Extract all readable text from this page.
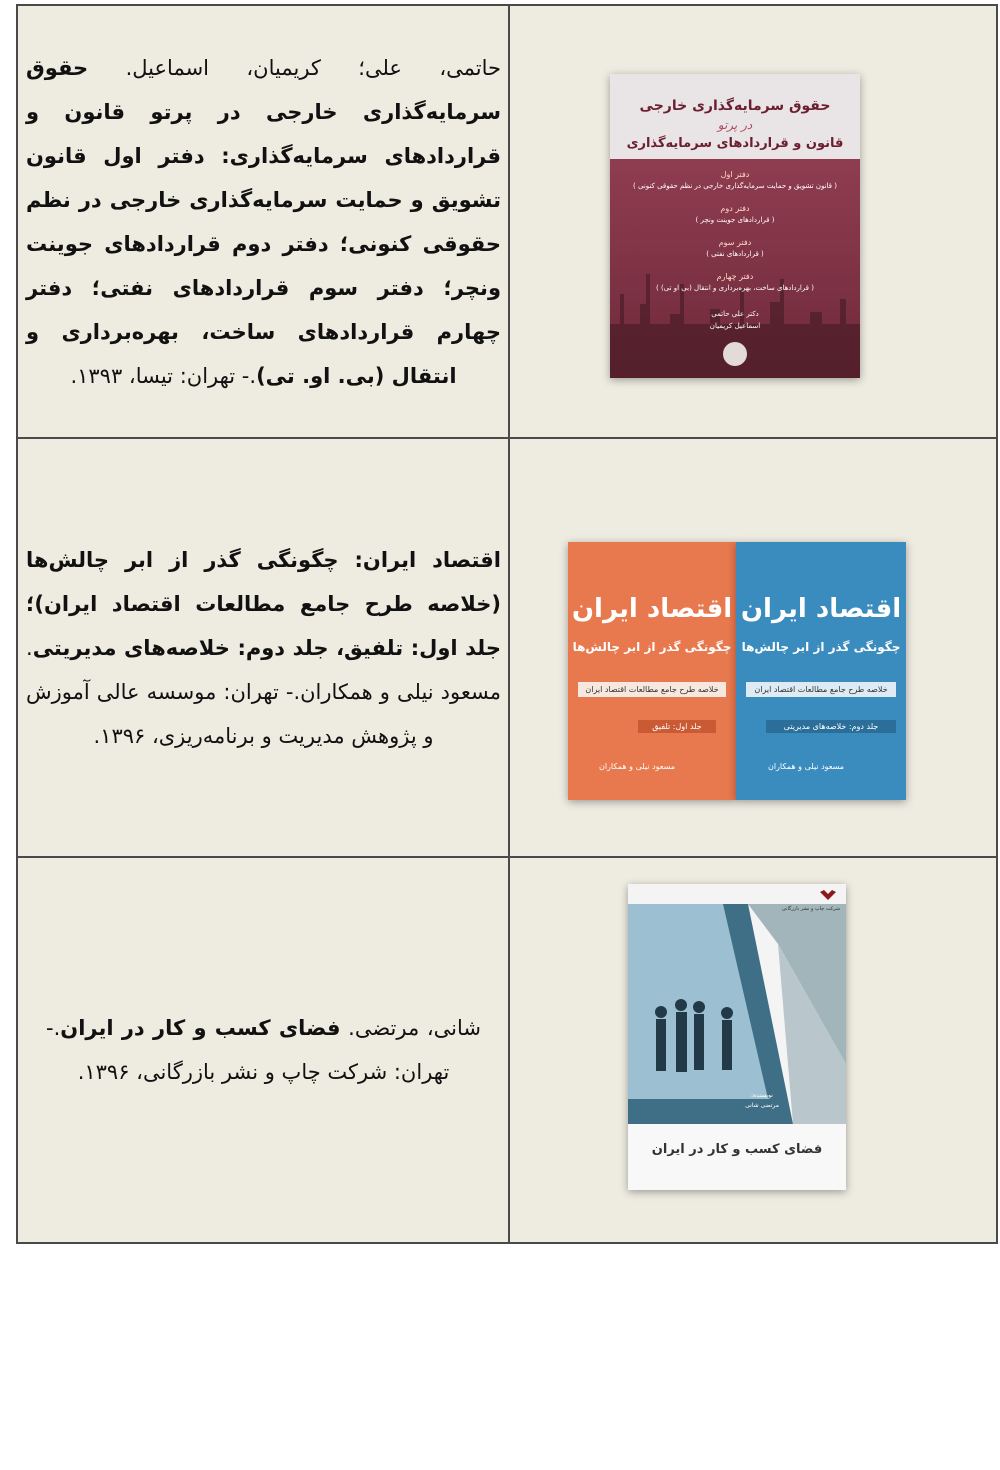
حاتمی، علی؛ کریمیان، اسماعیل. حقوق سرمایه‌گذاری خارجی در پرتو قانون و قراردادهای سرمایه‌گذاری: دفتر اول قانون تشویق و حمایت سرمایه‌گذاری خارجی در نظم حقوقی کنونی؛ دفتر دوم قراردادهای جوینت ونچر؛ دفتر سوم قراردادهای نفتی؛ دفتر چهارم قراردادهای ساخت، بهره‌برداری و انتقال (بی. او. تی).- تهران: تیسا، ۱۳۹۳.

حقوق سرمایه‌گذاری خارجی
در پرتو
قانون و قراردادهای سرمایه‌گذاری
دفتر اول
( قانون تشویق و حمایت سرمایه‌گذاری خارجی در نظم حقوقی کنونی )
دفتر دوم
( قراردادهای جوینت ونچر )
دفتر سوم
( قراردادهای نفتی )
دفتر چهارم
( قراردادهای ساخت، بهره‌برداری و انتقال (بی او تی) )
دکتر علی حاتمی
اسماعیل کریمیان

اقتصاد ایران: چگونگی گذر از ابر چالش‌ها (خلاصه طرح جامع مطالعات اقتصاد ایران)؛ جلد اول: تلفیق، جلد دوم: خلاصه‌های مدیریتی. مسعود نیلی و همکاران.- تهران: موسسه عالی آموزش و پژوهش مدیریت و برنامه‌ریزی، ۱۳۹۶.

اقتصاد ایران
چگونگی گذر از ابر چالش‌ها
خلاصه طرح جامع مطالعات اقتصاد ایران
جلد اول: تلفیق
مسعود نیلی و همکاران
اقتصاد ایران
چگونگی گذر از ابر چالش‌ها
خلاصه طرح جامع مطالعات اقتصاد ایران
جلد دوم: خلاصه‌های مدیریتی
مسعود نیلی و همکاران

شانی، مرتضی. فضای کسب و کار در ایران.- تهران: شرکت چاپ و نشر بازرگانی، ۱۳۹۶.

شرکت چاپ و نشر بازرگانی
نویسنده:
مرتضی شانی
فضای کسب و کار در ایران
